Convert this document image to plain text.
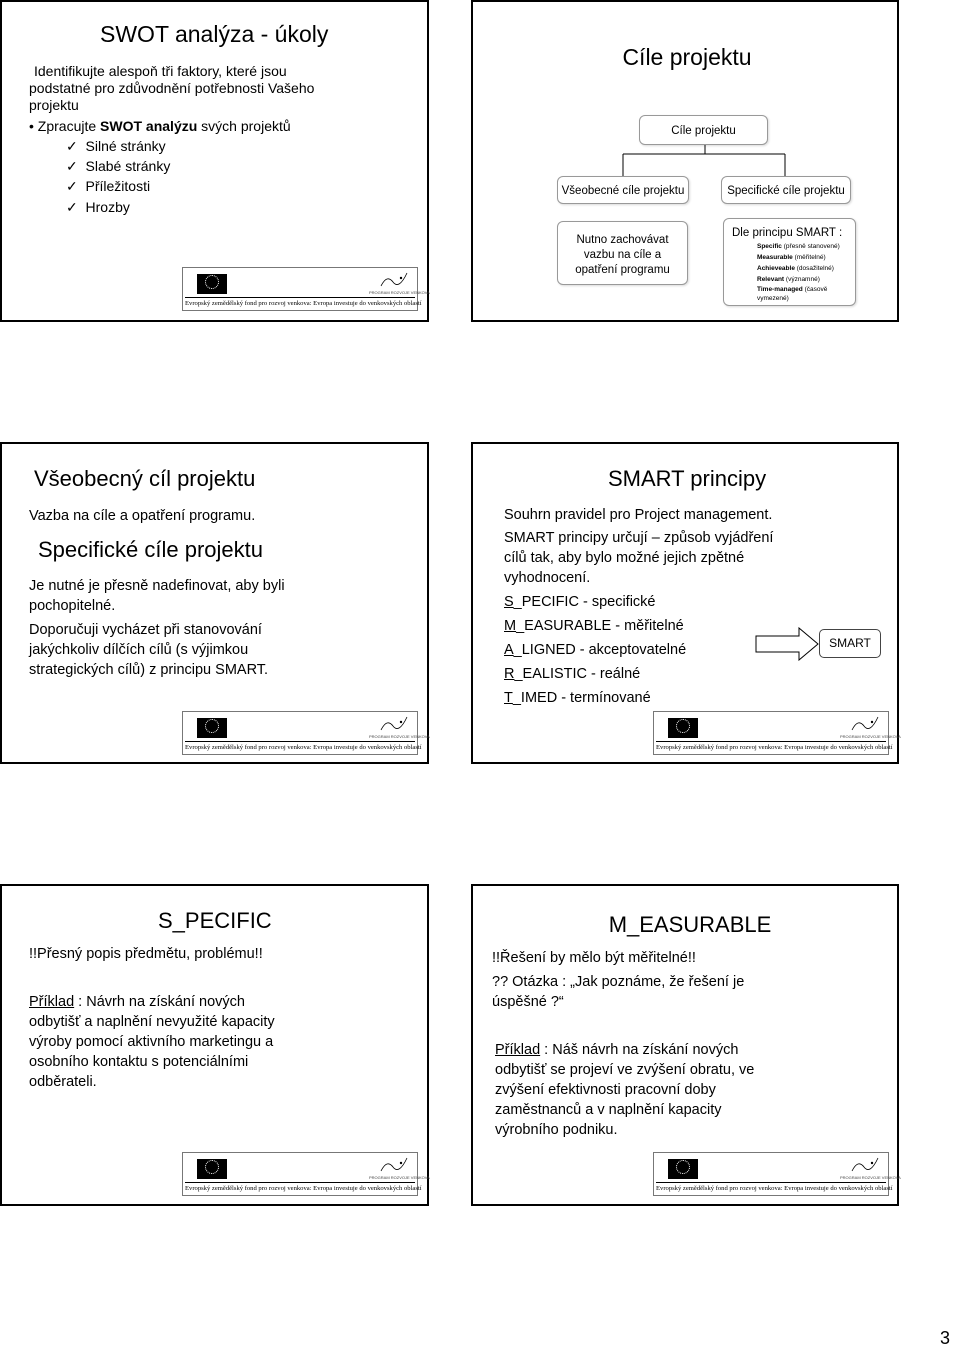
SWOT analýza - úkoly
Identifikujte alespoň tři faktory, které jsou
podstatné pro zdůvodnění potřebnosti Vašeho
projektu
• Zpracujte SWOT analýzu svých projektů
✓ Silné stránky
✓ Slabé stránky
✓ Příležitosti
✓ Hrozby
PROGRAM ROZVOJE VENKOVA
Evropský zemědělský fond pro rozvoj venkova: Evropa investuje do venkovských oblastí
Cíle projektu
Cíle projektu
Všeobecné cíle projektu	Specifické cíle projektu
Nutno zachovávat
vazbu na cíle a
opatření programu
Dle principu SMART :
Specific (přesně stanovené)
Measurable (měřitelné)
Achieveable (dosažitelné)
Relevant (významné)
Time-managed (časově
vymezené)
Všeobecný cíl projektu
Vazba na cíle a opatření programu.
Specifické cíle projektu
Je nutné je přesně nadefinovat, aby byli
pochopitelné.
Doporučuji vycházet při stanovování
jakýchkoliv dílčích cílů (s výjimkou
strategických cílů) z principu SMART.
PROGRAM ROZVOJE VENKOVA
Evropský zemědělský fond pro rozvoj venkova: Evropa investuje do venkovských oblastí
SMART principy
Souhrn pravidel pro Project management.
SMART principy určují – způsob vyjádření
cílů tak, aby bylo možné jejich zpětné
vyhodnocení.
S_PECIFIC - specifické
M_EASURABLE - měřitelné
A_LIGNED - akceptovatelné
R_EALISTIC - reálné
T_IMED - termínované
SMART
PROGRAM ROZVOJE VENKOVA
Evropský zemědělský fond pro rozvoj venkova: Evropa investuje do venkovských oblastí
S_PECIFIC
!!Přesný popis předmětu, problému!!
Příklad : Návrh na získání nových
odbytišť a naplnění nevyužité kapacity
výroby pomocí aktivního marketingu a
osobního kontaktu s potenciálními
odběrateli.
PROGRAM ROZVOJE VENKOVA
Evropský zemědělský fond pro rozvoj venkova: Evropa investuje do venkovských oblastí
M_EASURABLE
!!Řešení by mělo být měřitelné!!
?? Otázka : „Jak poznáme, že řešení je
úspěšné ?“
Příklad : Náš návrh na získání nových
odbytišť se projeví ve zvýšení obratu, ve
zvýšení efektivnosti pracovní doby
zaměstnanců a v naplnění kapacity
výrobního podniku.
PROGRAM ROZVOJE VENKOVA
Evropský zemědělský fond pro rozvoj venkova: Evropa investuje do venkovských oblastí
3
